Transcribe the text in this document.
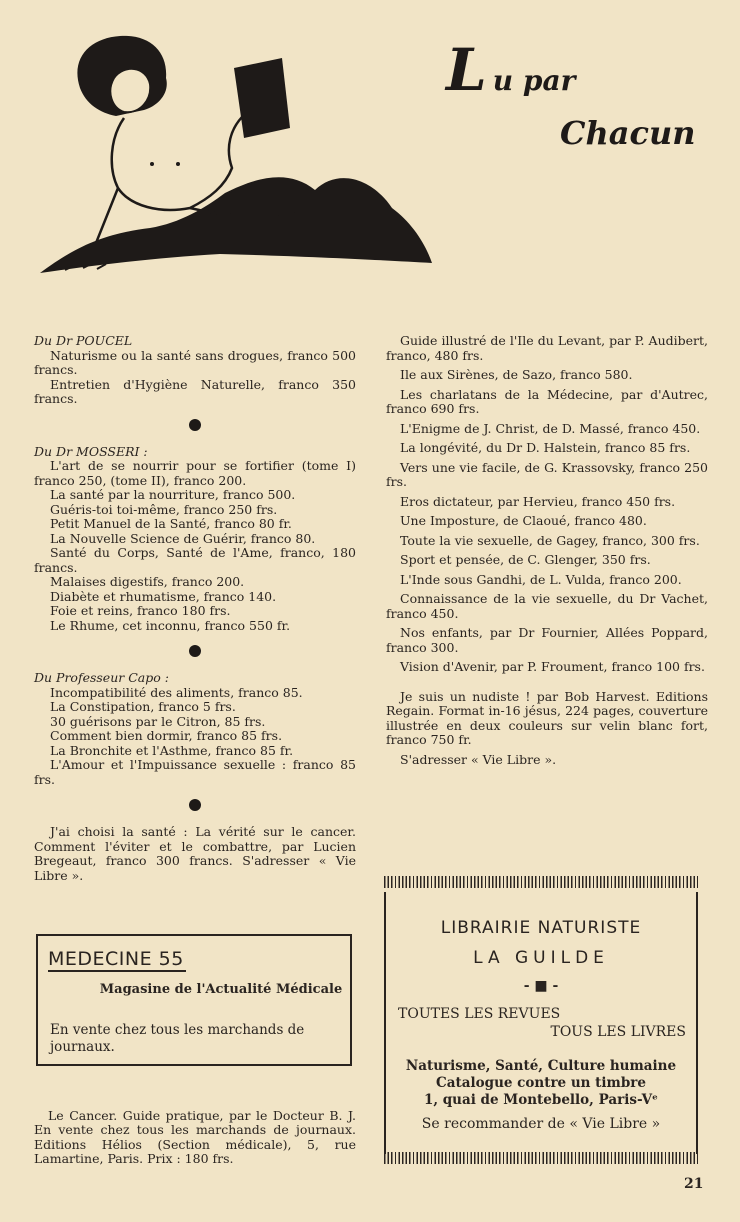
Lu par
Chacun

Du Dr POUCEL

Naturisme ou la santé sans drogues, franco 500 francs.

Entretien d'Hygiène Naturelle, franco 350 francs.

Du Dr MOSSERI :

L'art de se nourrir pour se fortifier (tome I) franco 250, (tome II), franco 200.

La santé par la nourriture, franco 500.

Guéris-toi toi-même, franco 250 frs.

Petit Manuel de la Santé, franco 80 fr.

La Nouvelle Science de Guérir, franco 80.

Santé du Corps, Santé de l'Ame, franco, 180 francs.

Malaises digestifs, franco 200.

Diabète et rhumatisme, franco 140.

Foie et reins, franco 180 frs.

Le Rhume, cet inconnu, franco 550 fr.

Du Professeur Capo :

Incompatibilité des aliments, franco 85.

La Constipation, franco 5 frs.

30 guérisons par le Citron, 85 frs.

Comment bien dormir, franco 85 frs.

La Bronchite et l'Asthme, franco 85 fr.

L'Amour et l'Impuissance sexuelle : franco 85 frs.

J'ai choisi la santé : La vérité sur le cancer. Comment l'éviter et le combattre, par Lucien Bregeaut, franco 300 francs. S'adresser « Vie Libre ».

MEDECINE 55
Magasine de l'Actualité Médicale
En vente chez tous les marchands de journaux.

Le Cancer. Guide pratique, par le Docteur B. J. En vente chez tous les marchands de journaux. Editions Hélios (Section médicale), 5, rue Lamartine, Paris. Prix : 180 frs.

Guide illustré de l'Ile du Levant, par P. Audibert, franco, 480 frs.

Ile aux Sirènes, de Sazo, franco 580.

Les charlatans de la Médecine, par d'Autrec, franco 690 frs.

L'Enigme de J. Christ, de D. Massé, franco 450.

La longévité, du Dr D. Halstein, franco 85 frs.

Vers une vie facile, de G. Krassovsky, franco 250 frs.

Eros dictateur, par Hervieu, franco 450 frs.

Une Imposture, de Claoué, franco 480.

Toute la vie sexuelle, de Gagey, franco, 300 frs.

Sport et pensée, de C. Glenger, 350 frs.

L'Inde sous Gandhi, de L. Vulda, franco 200.

Connaissance de la vie sexuelle, du Dr Vachet, franco 450.

Nos enfants, par Dr Fournier, Allées Poppard, franco 300.

Vision d'Avenir, par P. Froument, franco 100 frs.

Je suis un nudiste ! par Bob Harvest. Editions Regain. Format in-16 jésus, 224 pages, couverture illustrée en deux couleurs sur velin blanc fort, franco 750 fr.

S'adresser « Vie Libre ».

LIBRAIRIE NATURISTE
LA GUILDE
- ■ -
TOUTES LES REVUES
TOUS LES LIVRES
Naturisme, Santé, Culture humaine
Catalogue contre un timbre
1, quai de Montebello, Paris-Vᵉ
Se recommander de « Vie Libre »
21
